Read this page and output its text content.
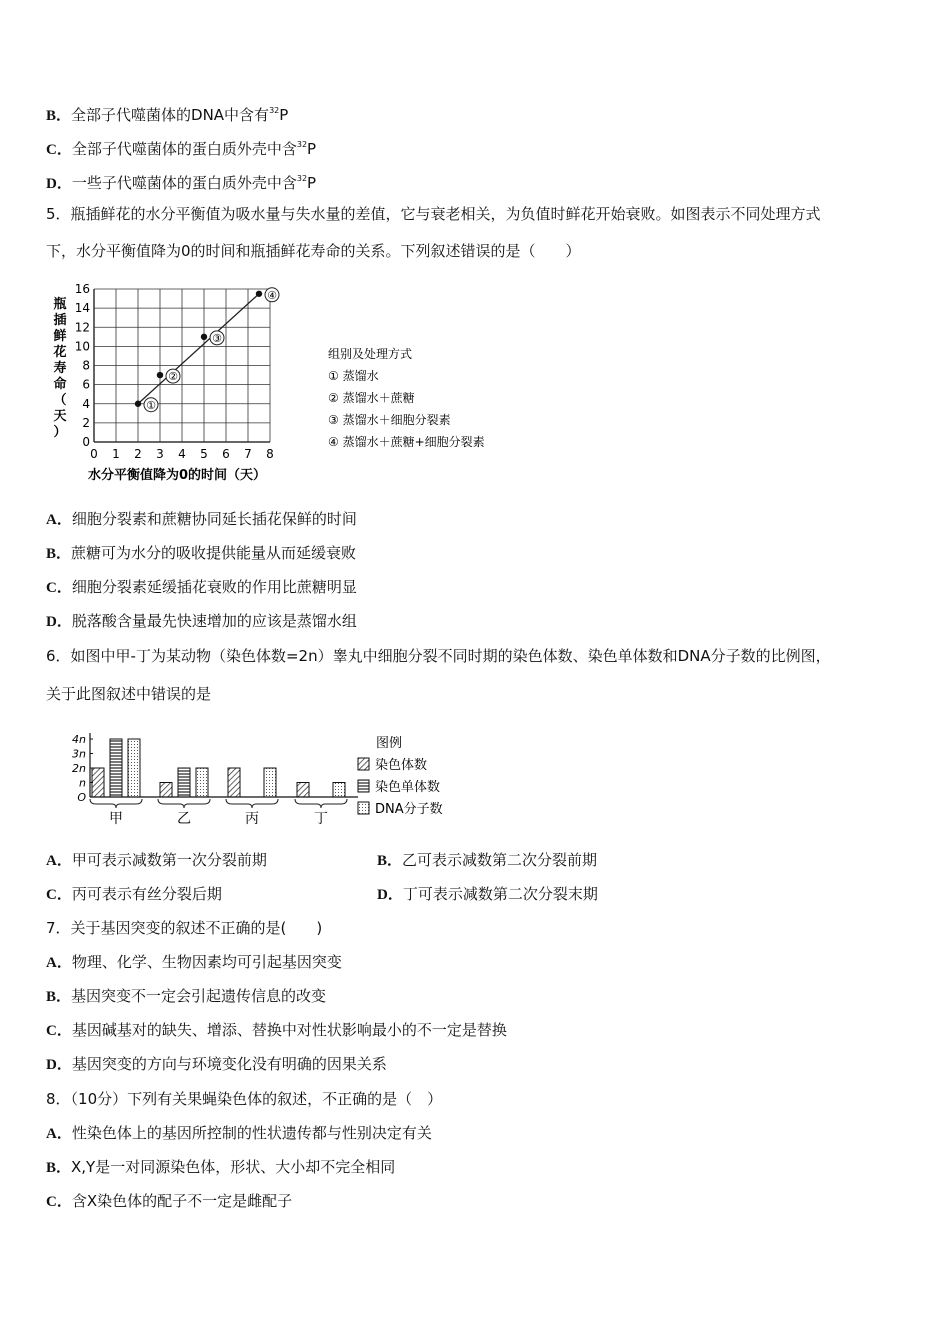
B．全部子代噬菌体的DNA中含有$^{32}$P
C．全部子代噬菌体的蛋白质外壳中含$^{32}$P
D．一些子代噬菌体的蛋白质外壳中含$^{32}$P
5．瓶插鲜花的水分平衡值为吸水量与失水量的差值，它与衰老相关，为负值时鲜花开始衰败。如图表示不同处理方式
下，水分平衡值降为0的时间和瓶插鲜花寿命的关系。下列叙述错误的是（　　）
0 1 2 3 4 5 6 7 8
0
2
4
6
8
10
12
14
16
①
②
③
④
瓶插鲜花寿命（天）
水分平衡值降为0的时间（天）
组别及处理方式
① 蒸馏水
② 蒸馏水＋蔗糖
③ 蒸馏水＋细胞分裂素
④ 蒸馏水＋蔗糖+细胞分裂素
A．细胞分裂素和蔗糖协同延长插花保鲜的时间
B．蔗糖可为水分的吸收提供能量从而延缓衰败
C．细胞分裂素延缓插花衰败的作用比蔗糖明显
D．脱落酸含量最先快速增加的应该是蒸馏水组
6．如图中甲-丁为某动物（染色体数=2n）睾丸中细胞分裂不同时期的染色体数、染色单体数和DNA分子数的比例图，
关于此图叙述中错误的是
O
n
2n
3n
4n
甲	乙	丙	丁
图例
染色体数
染色单体数
DNA分子数
A．甲可表示减数第一次分裂前期	B．乙可表示减数第二次分裂前期
C．丙可表示有丝分裂后期	D．丁可表示减数第二次分裂末期
7．关于基因突变的叙述不正确的是(　　)
A．物理、化学、生物因素均可引起基因突变
B．基因突变不一定会引起遗传信息的改变
C．基因碱基对的缺失、增添、替换中对性状影响最小的不一定是替换
D．基因突变的方向与环境变化没有明确的因果关系
8．（10分）下列有关果蝇染色体的叙述，不正确的是（　）
A．性染色体上的基因所控制的性状遗传都与性别决定有关
B．X,Y是一对同源染色体，形状、大小却不完全相同
C．含X染色体的配子不一定是雌配子
